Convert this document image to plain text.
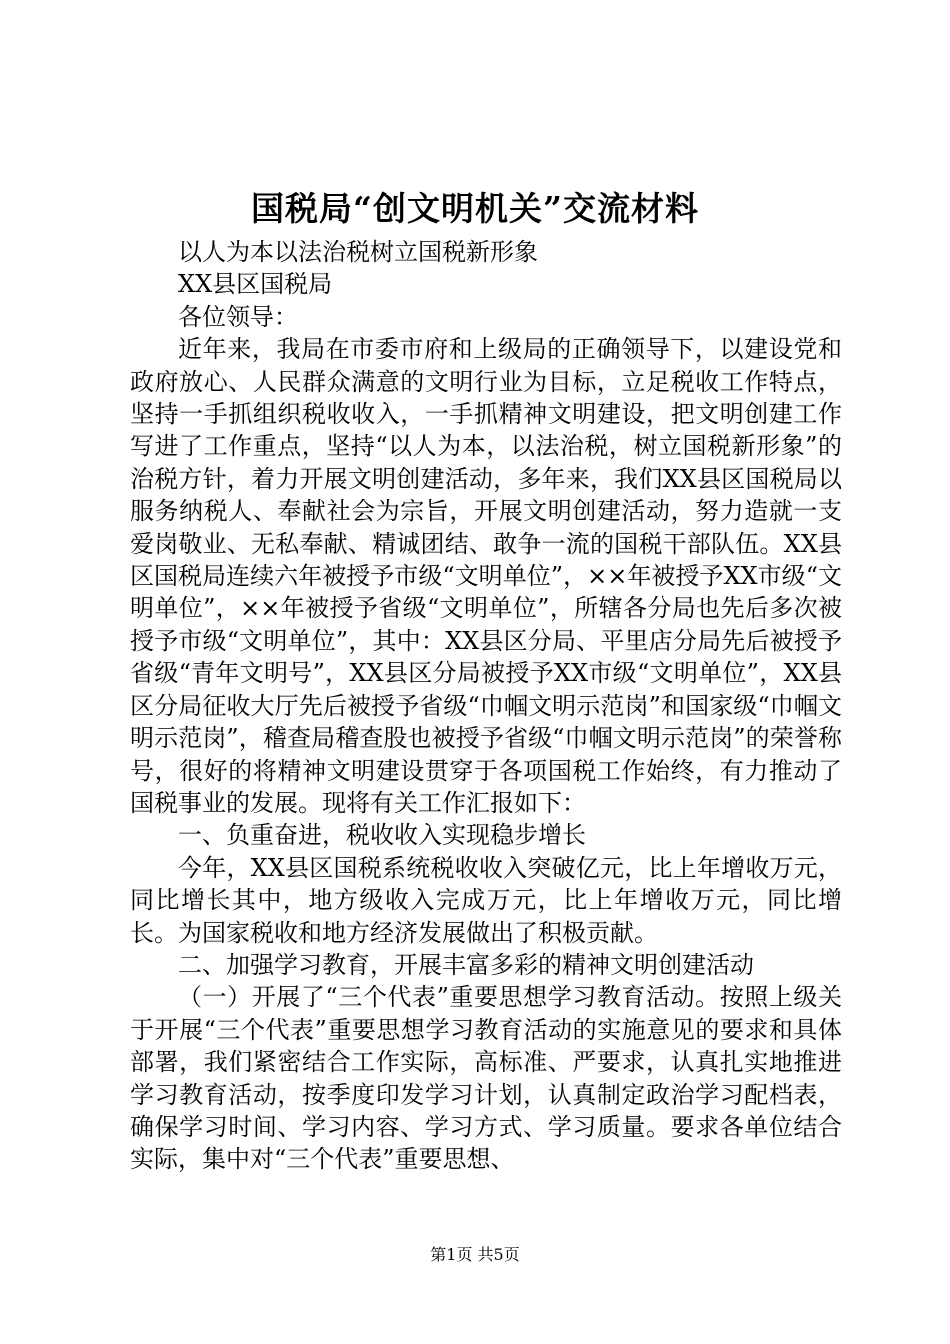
国税局“创文明机关”交流材料

以人为本以法治税树立国税新形象

XX县区国税局

各位领导：

近年来，我局在市委市府和上级局的正确领导下，以建设党和政府放心、人民群众满意的文明行业为目标，立足税收工作特点，坚持一手抓组织税收收入，一手抓精神文明建设，把文明创建工作写进了工作重点，坚持“以人为本，以法治税，树立国税新形象”的治税方针，着力开展文明创建活动，多年来，我们XX县区国税局以服务纳税人、奉献社会为宗旨，开展文明创建活动，努力造就一支爱岗敬业、无私奉献、精诚团结、敢争一流的国税干部队伍。XX县区国税局连续六年被授予市级“文明单位”，××年被授予XX市级“文明单位”，××年被授予省级“文明单位”，所辖各分局也先后多次被授予市级“文明单位”，其中：XX县区分局、平里店分局先后被授予省级“青年文明号”，XX县区分局被授予XX市级“文明单位”，XX县区分局征收大厅先后被授予省级“巾帼文明示范岗”和国家级“巾帼文明示范岗”，稽查局稽查股也被授予省级“巾帼文明示范岗”的荣誉称号，很好的将精神文明建设贯穿于各项国税工作始终，有力推动了国税事业的发展。现将有关工作汇报如下：

一、负重奋进，税收收入实现稳步增长

今年，XX县区国税系统税收收入突破亿元，比上年增收万元，同比增长其中，地方级收入完成万元，比上年增收万元，同比增长。为国家税收和地方经济发展做出了积极贡献。

二、加强学习教育，开展丰富多彩的精神文明创建活动

（一）开展了“三个代表”重要思想学习教育活动。按照上级关于开展“三个代表”重要思想学习教育活动的实施意见的要求和具体部署，我们紧密结合工作实际，高标准、严要求，认真扎实地推进学习教育活动，按季度印发学习计划，认真制定政治学习配档表，确保学习时间、学习内容、学习方式、学习质量。要求各单位结合实际，集中对“三个代表”重要思想、

第1页 共5页
